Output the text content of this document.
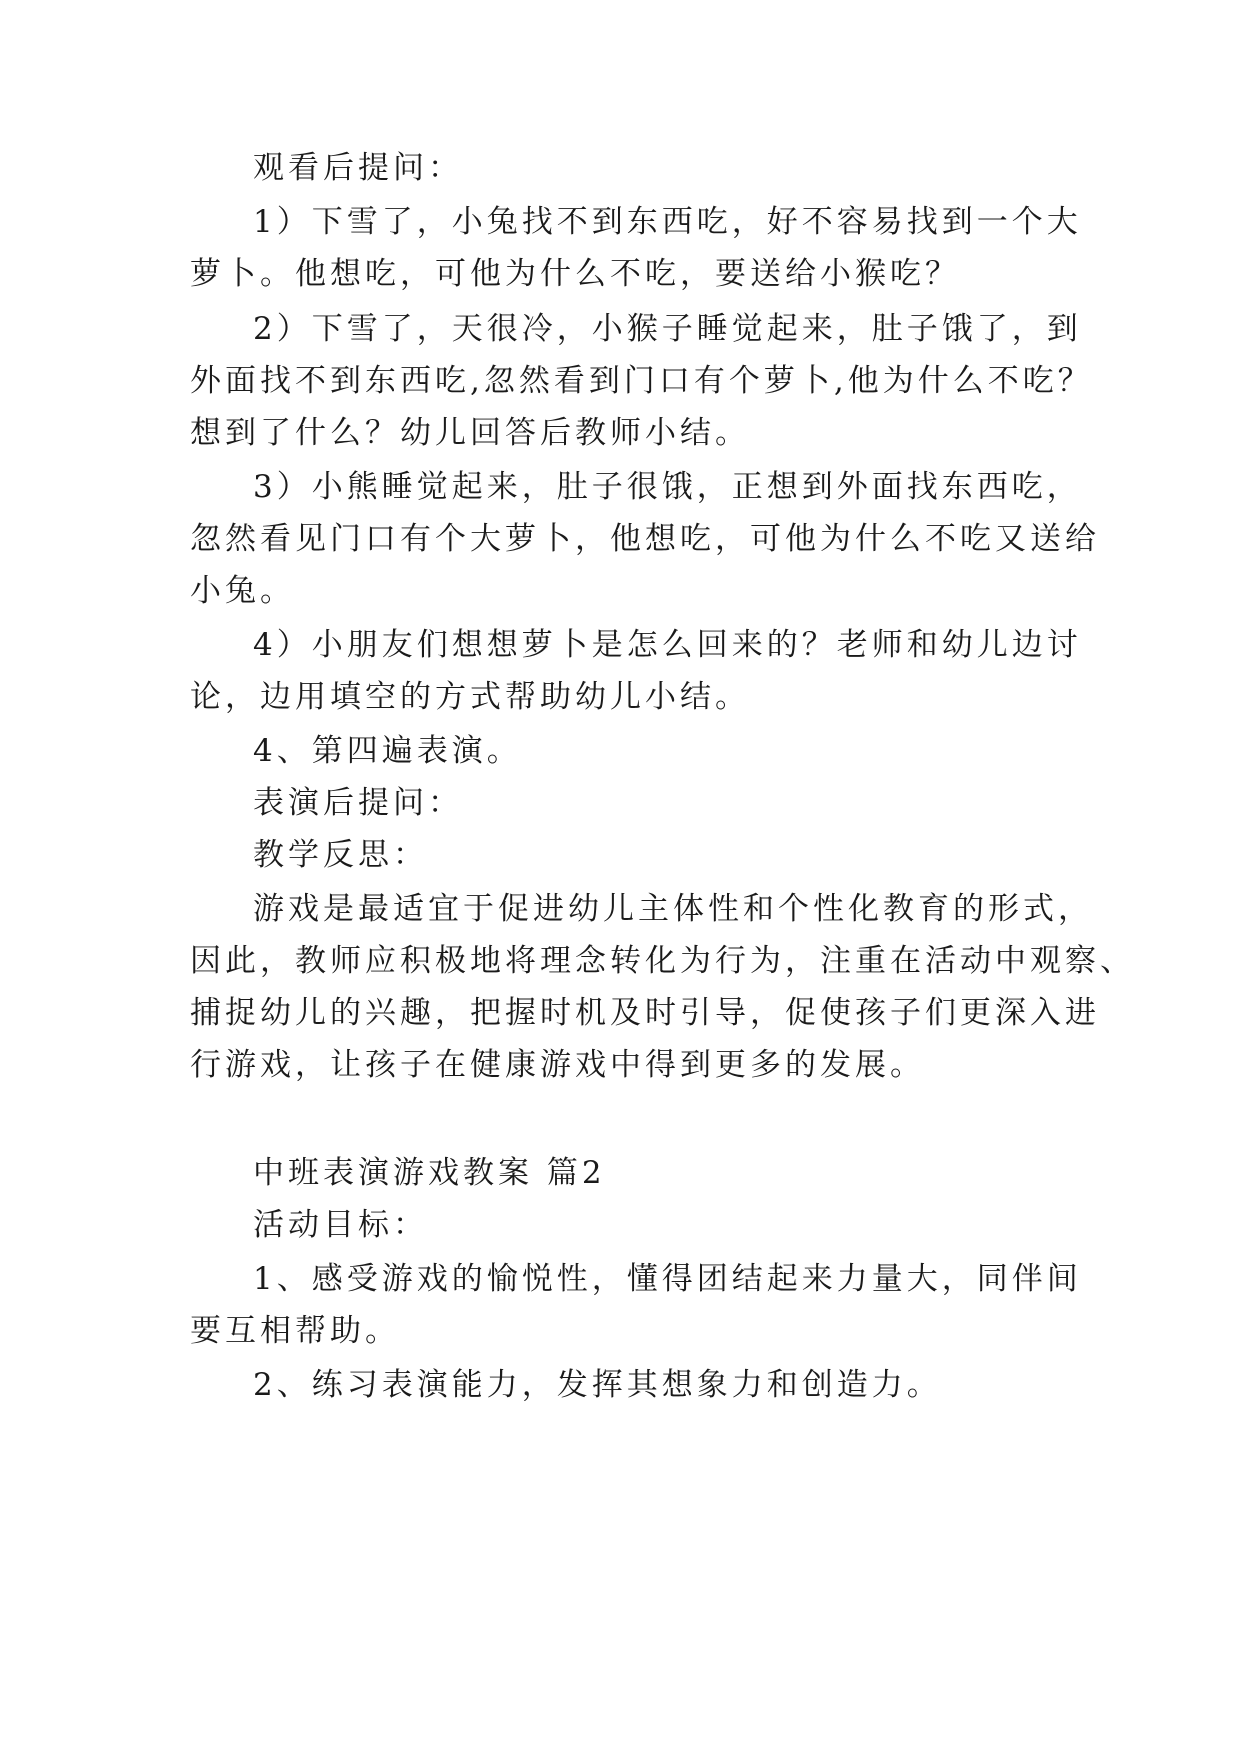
观看后提问：
1）下雪了，小兔找不到东西吃，好不容易找到一个大
萝卜。他想吃，可他为什么不吃，要送给小猴吃？
2）下雪了，天很冷，小猴子睡觉起来，肚子饿了，到
外面找不到东西吃,忽然看到门口有个萝卜,他为什么不吃？
想到了什么？幼儿回答后教师小结。
3）小熊睡觉起来，肚子很饿，正想到外面找东西吃，
忽然看见门口有个大萝卜，他想吃，可他为什么不吃又送给
小兔。
4）小朋友们想想萝卜是怎么回来的？老师和幼儿边讨
论，边用填空的方式帮助幼儿小结。
4、第四遍表演。
表演后提问：
教学反思：
游戏是最适宜于促进幼儿主体性和个性化教育的形式，
因此，教师应积极地将理念转化为行为，注重在活动中观察、
捕捉幼儿的兴趣，把握时机及时引导，促使孩子们更深入进
行游戏，让孩子在健康游戏中得到更多的发展。
中班表演游戏教案 篇2
活动目标：
1、感受游戏的愉悦性，懂得团结起来力量大，同伴间
要互相帮助。
2、练习表演能力，发挥其想象力和创造力。
